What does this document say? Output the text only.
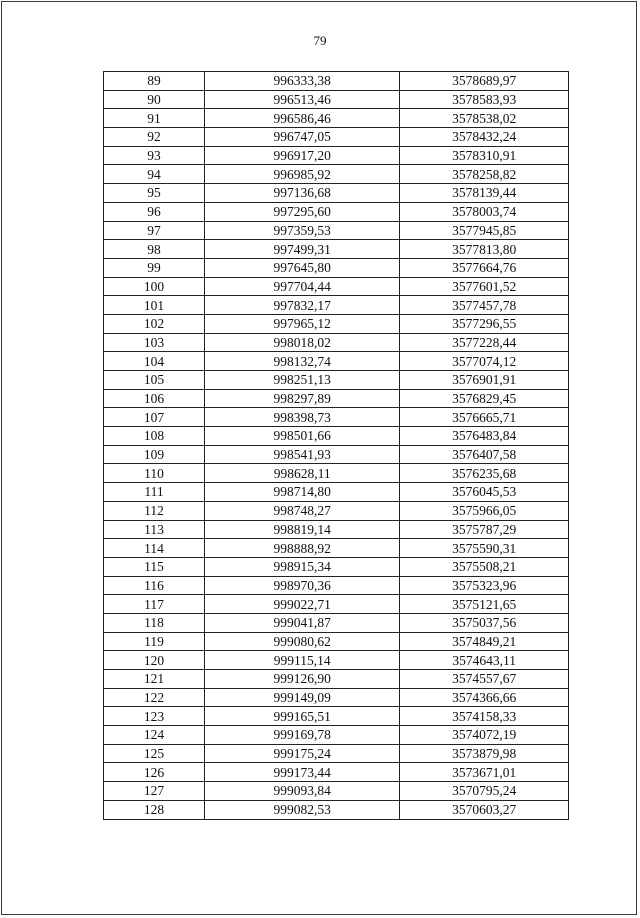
79
89	996333,38	3578689,97
90	996513,46	3578583,93
91	996586,46	3578538,02
92	996747,05	3578432,24
93	996917,20	3578310,91
94	996985,92	3578258,82
95	997136,68	3578139,44
96	997295,60	3578003,74
97	997359,53	3577945,85
98	997499,31	3577813,80
99	997645,80	3577664,76
100	997704,44	3577601,52
101	997832,17	3577457,78
102	997965,12	3577296,55
103	998018,02	3577228,44
104	998132,74	3577074,12
105	998251,13	3576901,91
106	998297,89	3576829,45
107	998398,73	3576665,71
108	998501,66	3576483,84
109	998541,93	3576407,58
110	998628,11	3576235,68
111	998714,80	3576045,53
112	998748,27	3575966,05
113	998819,14	3575787,29
114	998888,92	3575590,31
115	998915,34	3575508,21
116	998970,36	3575323,96
117	999022,71	3575121,65
118	999041,87	3575037,56
119	999080,62	3574849,21
120	999115,14	3574643,11
121	999126,90	3574557,67
122	999149,09	3574366,66
123	999165,51	3574158,33
124	999169,78	3574072,19
125	999175,24	3573879,98
126	999173,44	3573671,01
127	999093,84	3570795,24
128	999082,53	3570603,27
